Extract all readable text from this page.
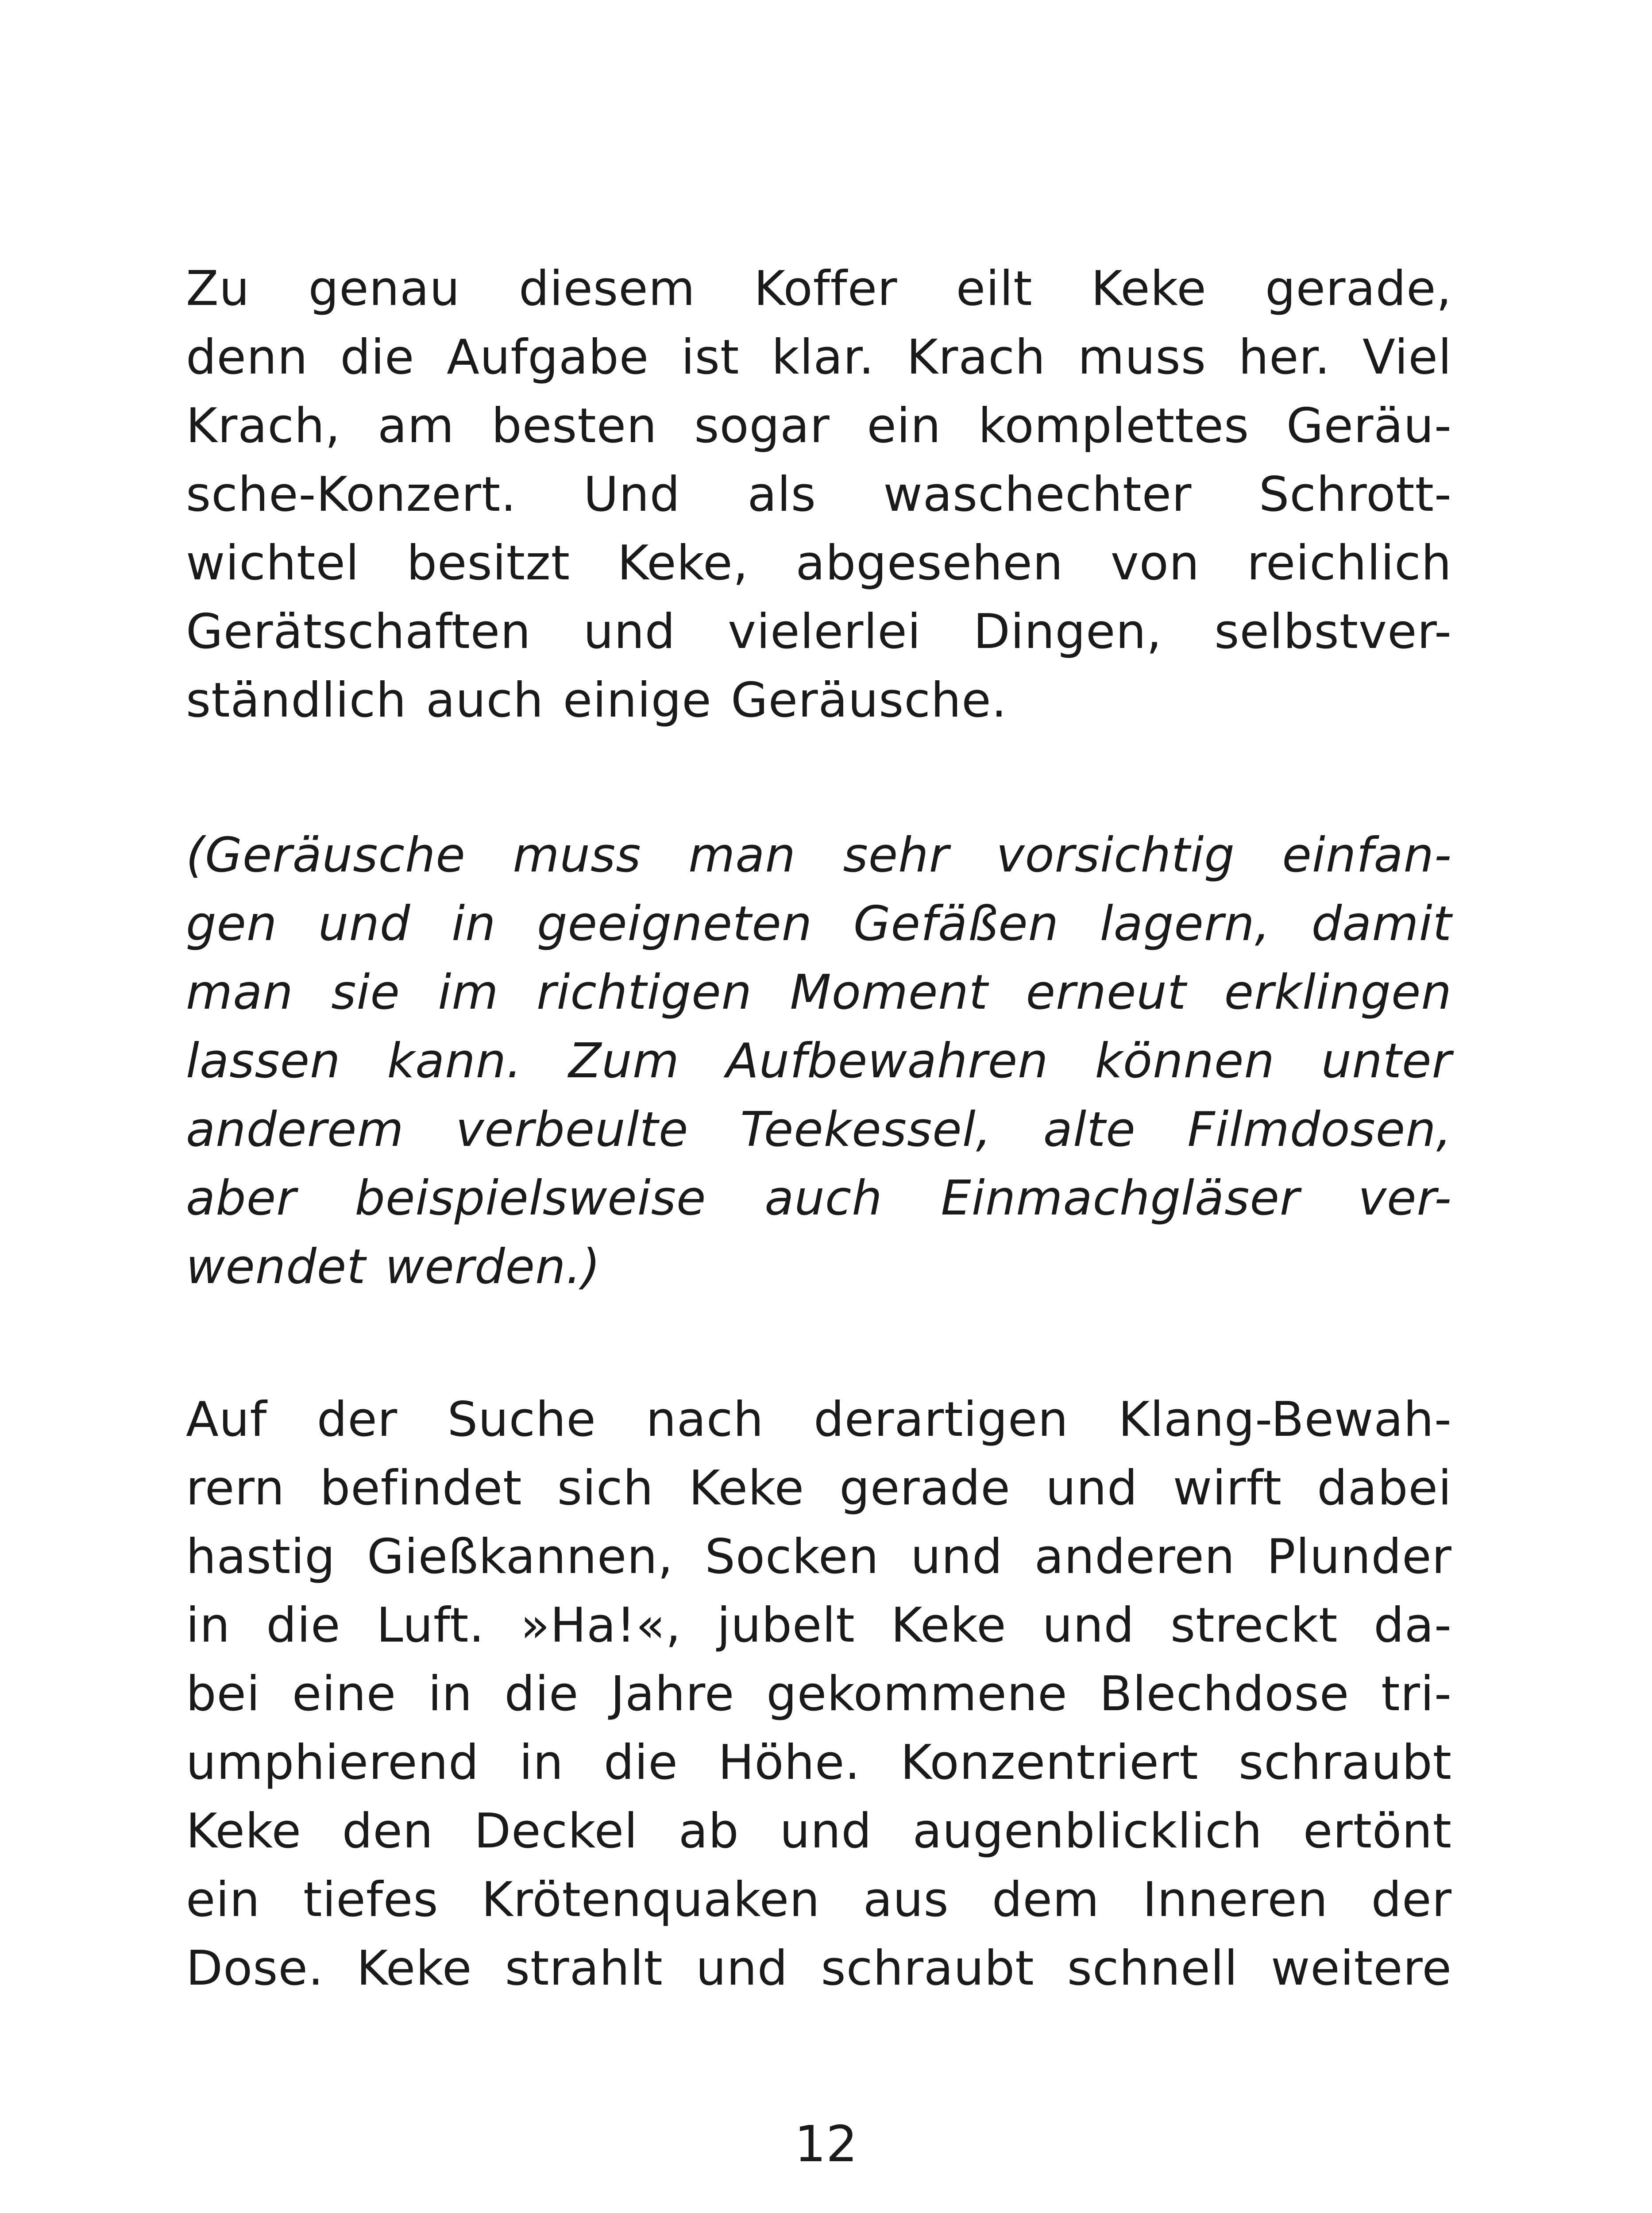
Zu genau diesem Koffer eilt Keke gerade,
denn die Aufgabe ist klar. Krach muss her. Viel
Krach, am besten sogar ein komplettes Geräu-
sche-Konzert. Und als waschechter Schrott-
wichtel besitzt Keke, abgesehen von reichlich
Gerätschaften und vielerlei Dingen, selbstver-
ständlich auch einige Geräusche.
(Geräusche muss man sehr vorsichtig einfan-
gen und in geeigneten Gefäßen lagern, damit
man sie im richtigen Moment erneut erklingen
lassen kann. Zum Aufbewahren können unter
anderem verbeulte Teekessel, alte Filmdosen,
aber beispielsweise auch Einmachgläser ver-
wendet werden.)
Auf der Suche nach derartigen Klang-Bewah-
rern befindet sich Keke gerade und wirft dabei
hastig Gießkannen, Socken und anderen Plunder
in die Luft. »Ha!«, jubelt Keke und streckt da-
bei eine in die Jahre gekommene Blechdose tri-
umphierend in die Höhe. Konzentriert schraubt
Keke den Deckel ab und augenblicklich ertönt
ein tiefes Krötenquaken aus dem Inneren der
Dose. Keke strahlt und schraubt schnell weitere
12
